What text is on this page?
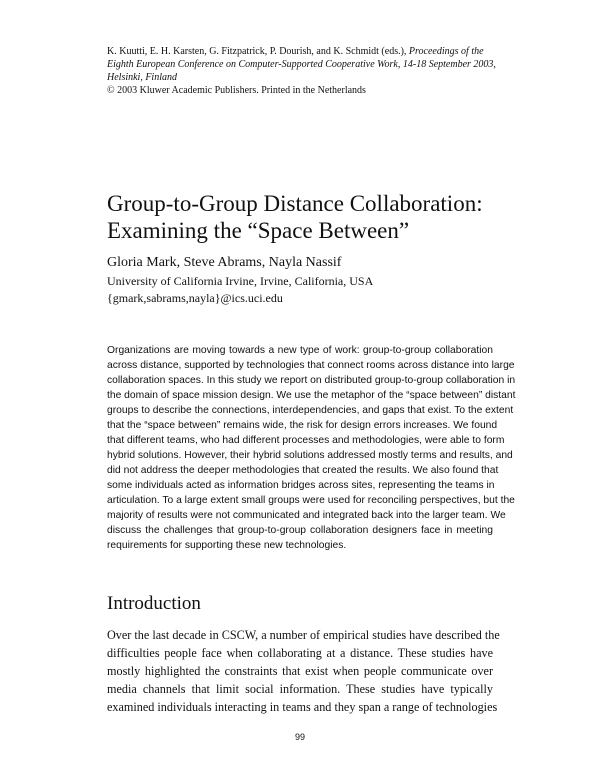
K. Kuutti, E. H. Karsten, G. Fitzpatrick, P. Dourish, and K. Schmidt (eds.), Proceedings of the
Eighth European Conference on Computer-Supported Cooperative Work, 14-18 September 2003,
Helsinki, Finland
© 2003 Kluwer Academic Publishers. Printed in the Netherlands
Group-to-Group Distance Collaboration:
Examining the “Space Between”
Gloria Mark, Steve Abrams, Nayla Nassif
University of California Irvine, Irvine, California, USA
{gmark,sabrams,nayla}@ics.uci.edu
Organizations are moving towards a new type of work: group-to-group collaboration
across distance, supported by technologies that connect rooms across distance into large
collaboration spaces. In this study we report on distributed group-to-group collaboration in
the domain of space mission design. We use the metaphor of the “space between” distant
groups to describe the connections, interdependencies, and gaps that exist. To the extent
that the “space between” remains wide, the risk for design errors increases. We found
that different teams, who had different processes and methodologies, were able to form
hybrid solutions. However, their hybrid solutions addressed mostly terms and results, and
did not address the deeper methodologies that created the results. We also found that
some individuals acted as information bridges across sites, representing the teams in
articulation. To a large extent small groups were used for reconciling perspectives, but the
majority of results were not communicated and integrated back into the larger team. We
discuss the challenges that group-to-group collaboration designers face in meeting
requirements for supporting these new technologies.
Introduction
Over the last decade in CSCW, a number of empirical studies have described the
difficulties people face when collaborating at a distance. These studies have
mostly highlighted the constraints that exist when people communicate over
media channels that limit social information. These studies have typically
examined individuals interacting in teams and they span a range of technologies
99
